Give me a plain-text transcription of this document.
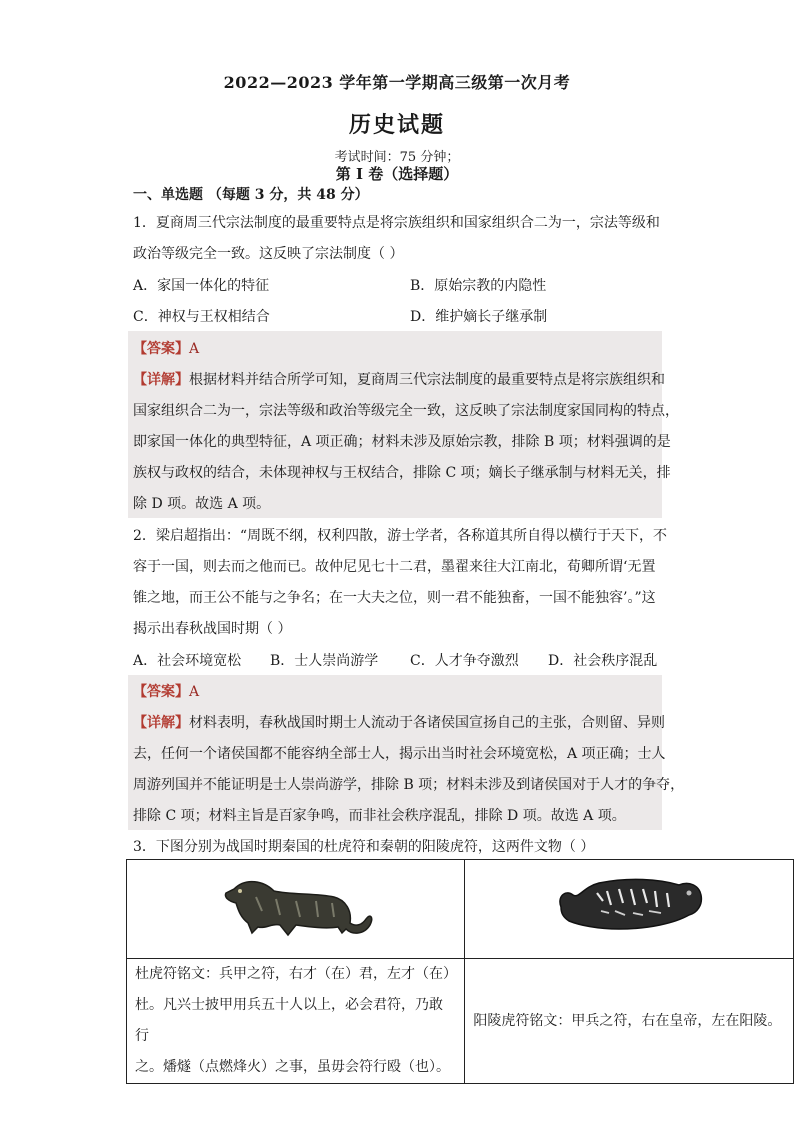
2022—2023 学年第一学期高三级第一次月考
历史试题
考试时间：75 分钟；
第 I 卷（选择题）
一、单选题 （每题 3 分，共 48 分）
1．夏商周三代宗法制度的最重要特点是将宗族组织和国家组织合二为一，宗法等级和
政治等级完全一致。这反映了宗法制度（ ）
A．家国一体化的特征	B．原始宗教的内隐性
C．神权与王权相结合	D．维护嫡长子继承制
【答案】A
【详解】根据材料并结合所学可知，夏商周三代宗法制度的最重要特点是将宗族组织和
国家组织合二为一，宗法等级和政治等级完全一致，这反映了宗法制度家国同构的特点，
即家国一体化的典型特征，A 项正确；材料未涉及原始宗教，排除 B 项；材料强调的是
族权与政权的结合，未体现神权与王权结合，排除 C 项；嫡长子继承制与材料无关，排
除 D 项。故选 A 项。
2．梁启超指出：“周既不纲，权利四散，游士学者，各称道其所自得以横行于天下，不
容于一国，则去而之他而已。故仲尼见七十二君，墨翟来往大江南北，荀卿所谓‘无置
锥之地，而王公不能与之争名；在一大夫之位，则一君不能独畜，一国不能独容’。”这
揭示出春秋战国时期（ ）
A．社会环境宽松 B．士人崇尚游学 C．人才争夺激烈 D．社会秩序混乱
【答案】A
【详解】材料表明，春秋战国时期士人流动于各诸侯国宣扬自己的主张，合则留、异则
去，任何一个诸侯国都不能容纳全部士人，揭示出当时社会环境宽松，A 项正确；士人
周游列国并不能证明是士人崇尚游学，排除 B 项；材料未涉及到诸侯国对于人才的争夺，
排除 C 项；材料主旨是百家争鸣，而非社会秩序混乱，排除 D 项。故选 A 项。
3．下图分别为战国时期秦国的杜虎符和秦朝的阳陵虎符，这两件文物（ ）

杜虎符铭文：兵甲之符，右才（在）君，左才（在）
杜。凡兴士披甲用兵五十人以上，必会君符，乃敢行
之。燔燧（点燃烽火）之事，虽毋会符行殴（也）。	阳陵虎符铭文：甲兵之符，右在皇帝，左在阳陵。
